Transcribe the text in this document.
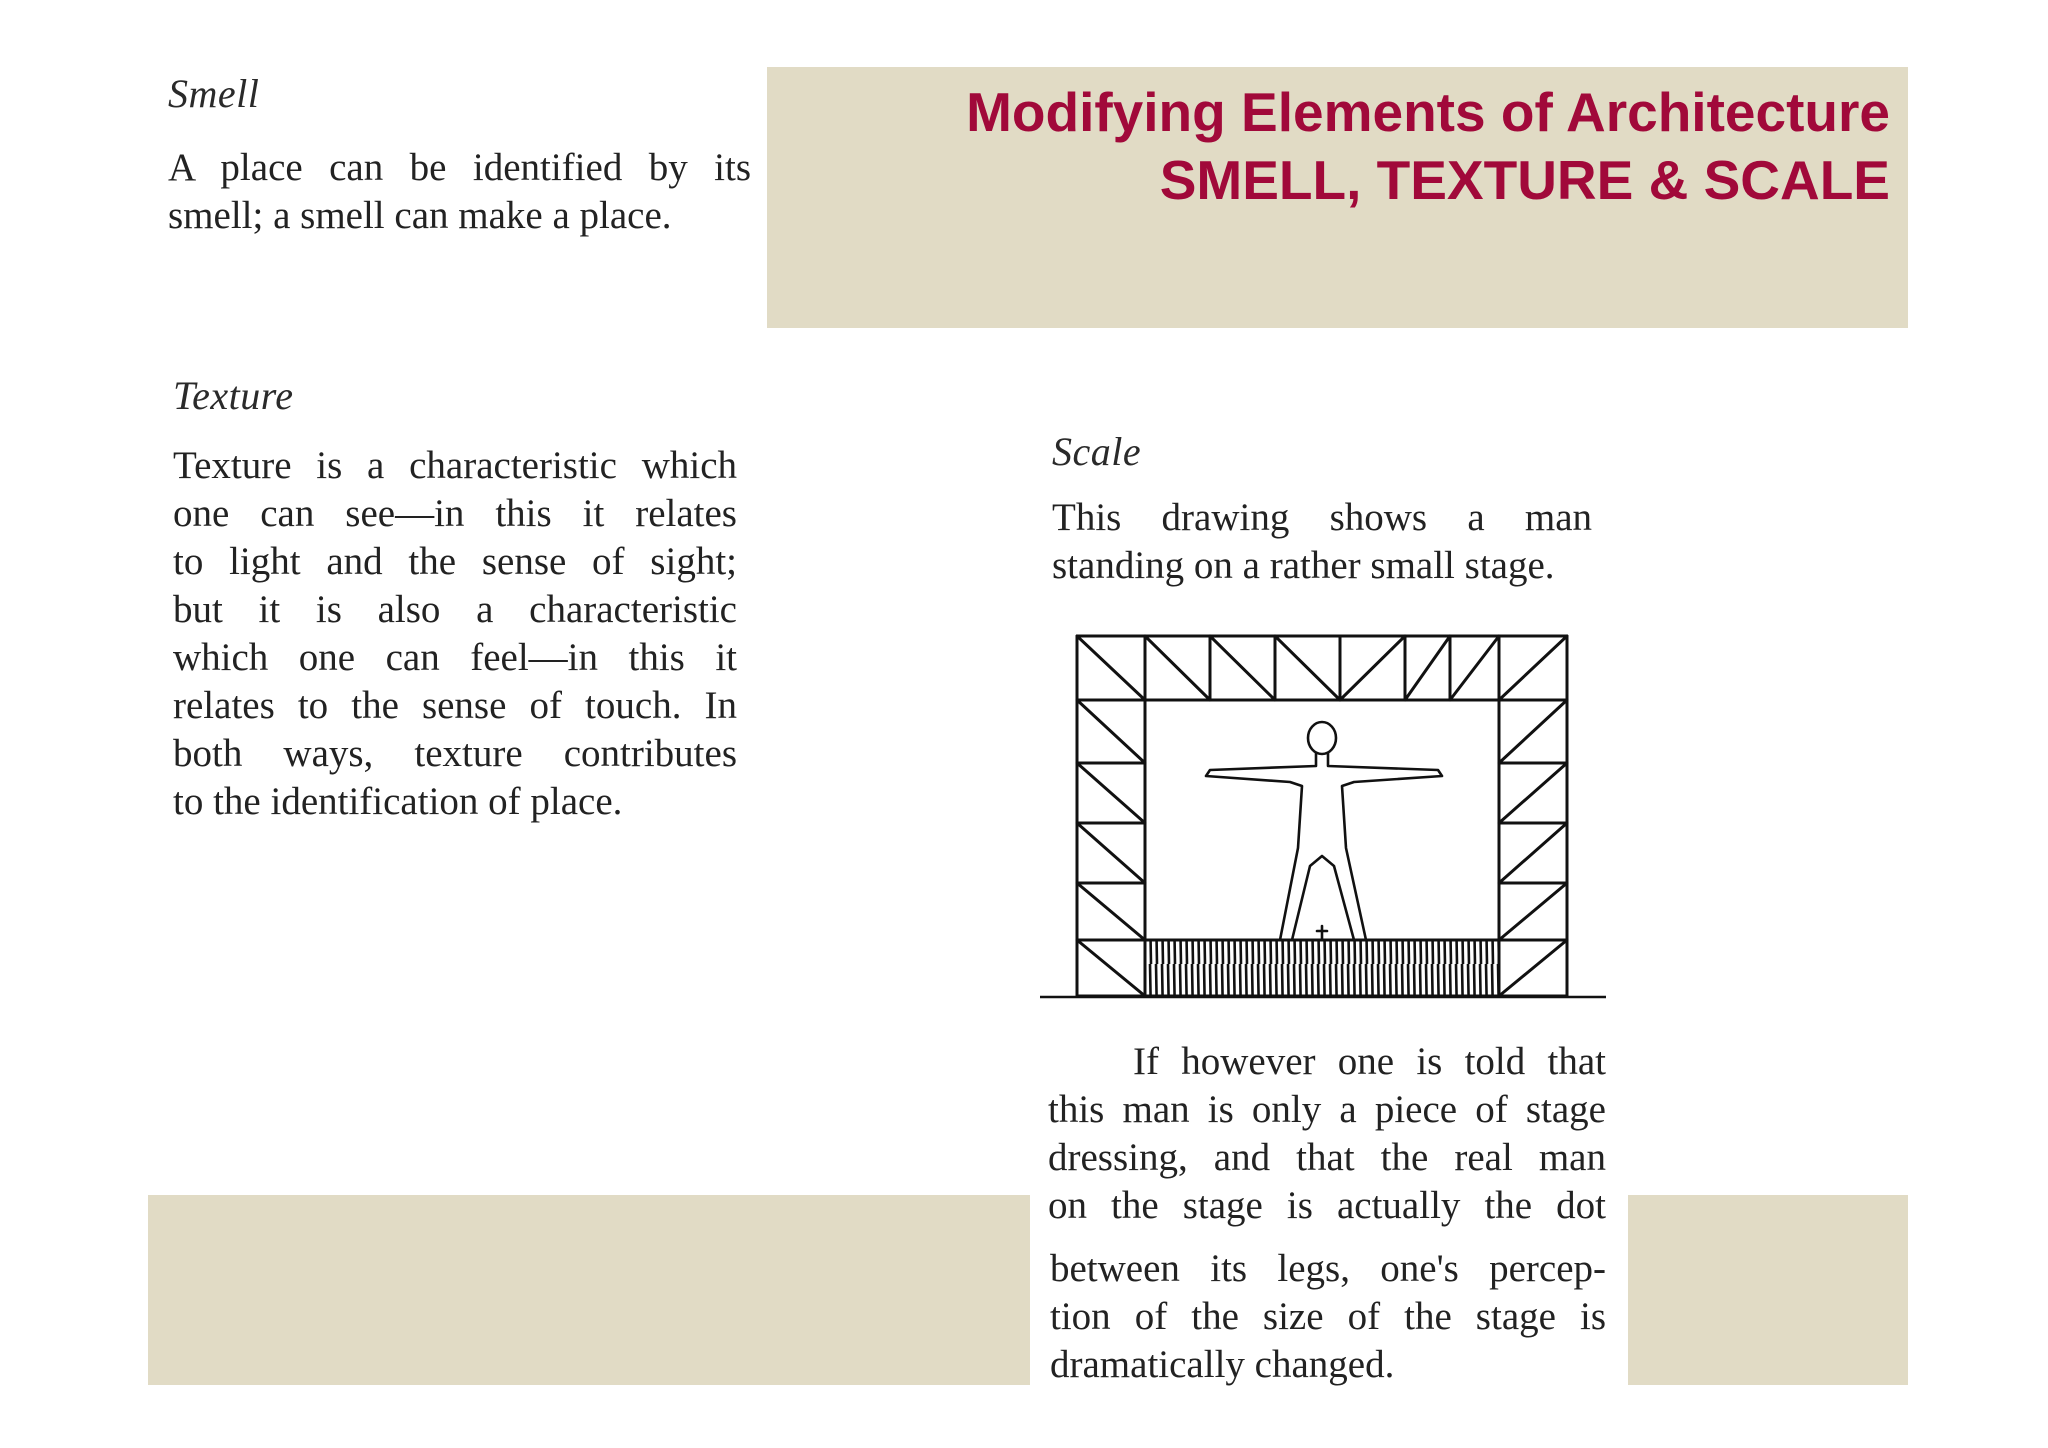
Modifying Elements of Architecture
SMELL, TEXTURE & SCALE
Smell
A place can be identified by its
smell; a smell can make a place.
Texture
Texture is a characteristic which
one can see—in this it relates
to light and the sense of sight;
but it is also a characteristic
which one can feel—in this it
relates to the sense of touch. In
both ways, texture contributes
to the identification of place.
Scale
This drawing shows a man
standing on a rather small stage.
If however one is told that
this man is only a piece of stage
dressing, and that the real man
on the stage is actually the dot
between its legs, one's percep-
tion of the size of the stage is
dramatically changed.
